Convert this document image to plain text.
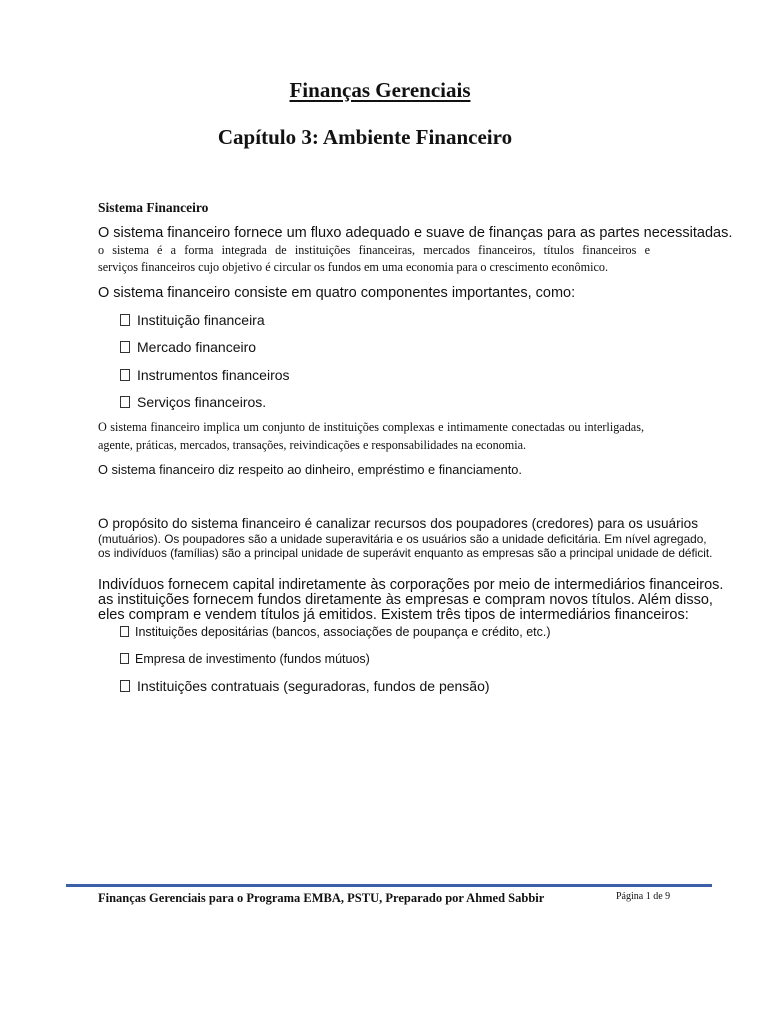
Finanças Gerenciais
Capítulo 3: Ambiente Financeiro
Sistema Financeiro
O sistema financeiro fornece um fluxo adequado e suave de finanças para as partes necessitadas.
o sistema é a forma integrada de instituições financeiras, mercados financeiros, títulos financeiros e
serviços financeiros cujo objetivo é circular os fundos em uma economia para o crescimento econômico.
O sistema financeiro consiste em quatro componentes importantes, como:
Instituição financeira
Mercado financeiro
Instrumentos financeiros
Serviços financeiros.
O sistema financeiro implica um conjunto de instituições complexas e intimamente conectadas ou interligadas,
agente, práticas, mercados, transações, reivindicações e responsabilidades na economia.
O sistema financeiro diz respeito ao dinheiro, empréstimo e financiamento.
O propósito do sistema financeiro é canalizar recursos dos poupadores (credores) para os usuários
(mutuários). Os poupadores são a unidade superavitária e os usuários são a unidade deficitária. Em nível agregado,
os indivíduos (famílias) são a principal unidade de superávit enquanto as empresas são a principal unidade de déficit.
Indivíduos fornecem capital indiretamente às corporações por meio de intermediários financeiros.
as instituições fornecem fundos diretamente às empresas e compram novos títulos. Além disso,
eles compram e vendem títulos já emitidos. Existem três tipos de intermediários financeiros:
Instituições depositárias (bancos, associações de poupança e crédito, etc.)
Empresa de investimento (fundos mútuos)
Instituições contratuais (seguradoras, fundos de pensão)
Finanças Gerenciais para o Programa EMBA, PSTU, Preparado por Ahmed Sabbir	Página 1 de 9
